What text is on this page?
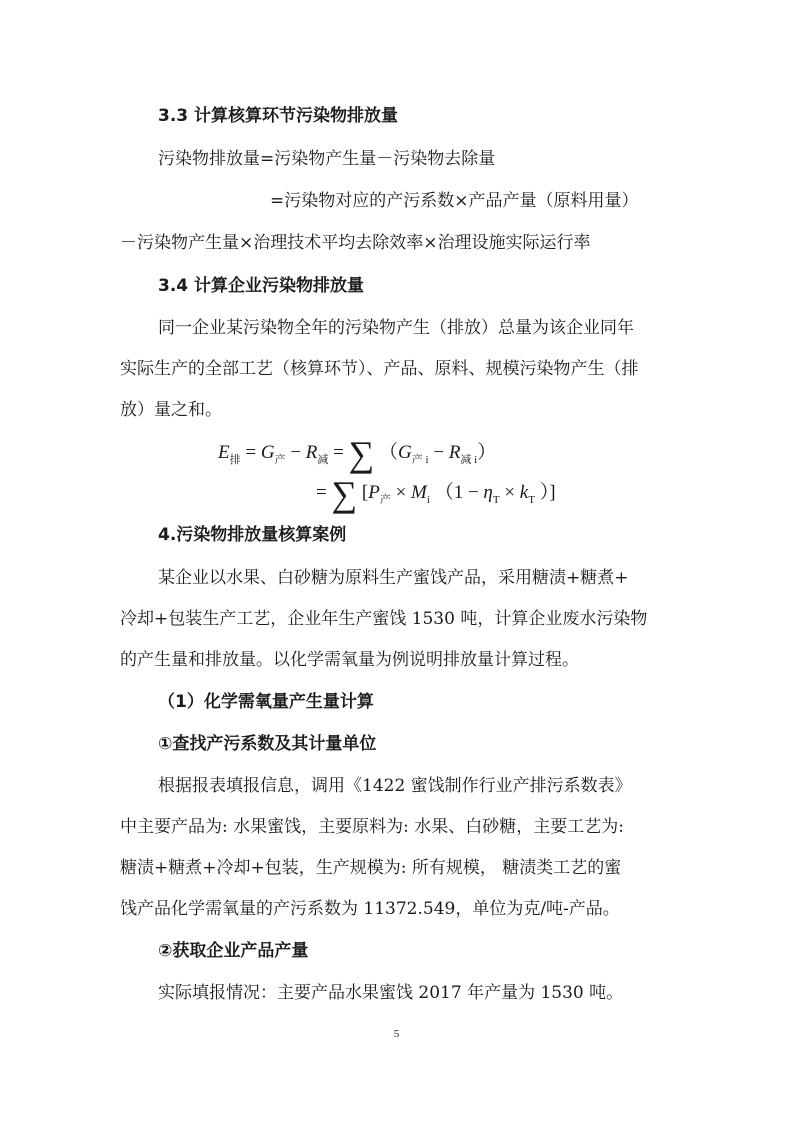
3.3 计算核算环节污染物排放量
污染物排放量=污染物产生量－污染物去除量
=污染物对应的产污系数×产品产量（原料用量）
－污染物产生量×治理技术平均去除效率×治理设施实际运行率
3.4 计算企业污染物排放量
同一企业某污染物全年的污染物产生（排放）总量为该企业同年
实际生产的全部工艺（核算环节）、产品、原料、规模污染物产生（排
放）量之和。
$E_排 = G_产 - R_减$ = ∑ $(G_{产 i} - R_{减 i})$
= ∑ [$P_产 \times M_i$ （$1 - \eta_T \times k_T$ ）]
4.污染物排放量核算案例
某企业以水果、白砂糖为原料生产蜜饯产品，采用糖渍+糖煮+
冷却+包装生产工艺，企业年生产蜜饯 1530 吨，计算企业废水污染物
的产生量和排放量。以化学需氧量为例说明排放量计算过程。
（1）化学需氧量产生量计算
①查找产污系数及其计量单位
根据报表填报信息，调用《1422 蜜饯制作行业产排污系数表》
中主要产品为: 水果蜜饯，主要原料为: 水果、白砂糖，主要工艺为:
糖渍+糖煮+冷却+包装，生产规模为: 所有规模， 糖渍类工艺的蜜
饯产品化学需氧量的产污系数为 11372.549，单位为克/吨-产品。
②获取企业产品产量
实际填报情况：主要产品水果蜜饯 2017 年产量为 1530 吨。
5
